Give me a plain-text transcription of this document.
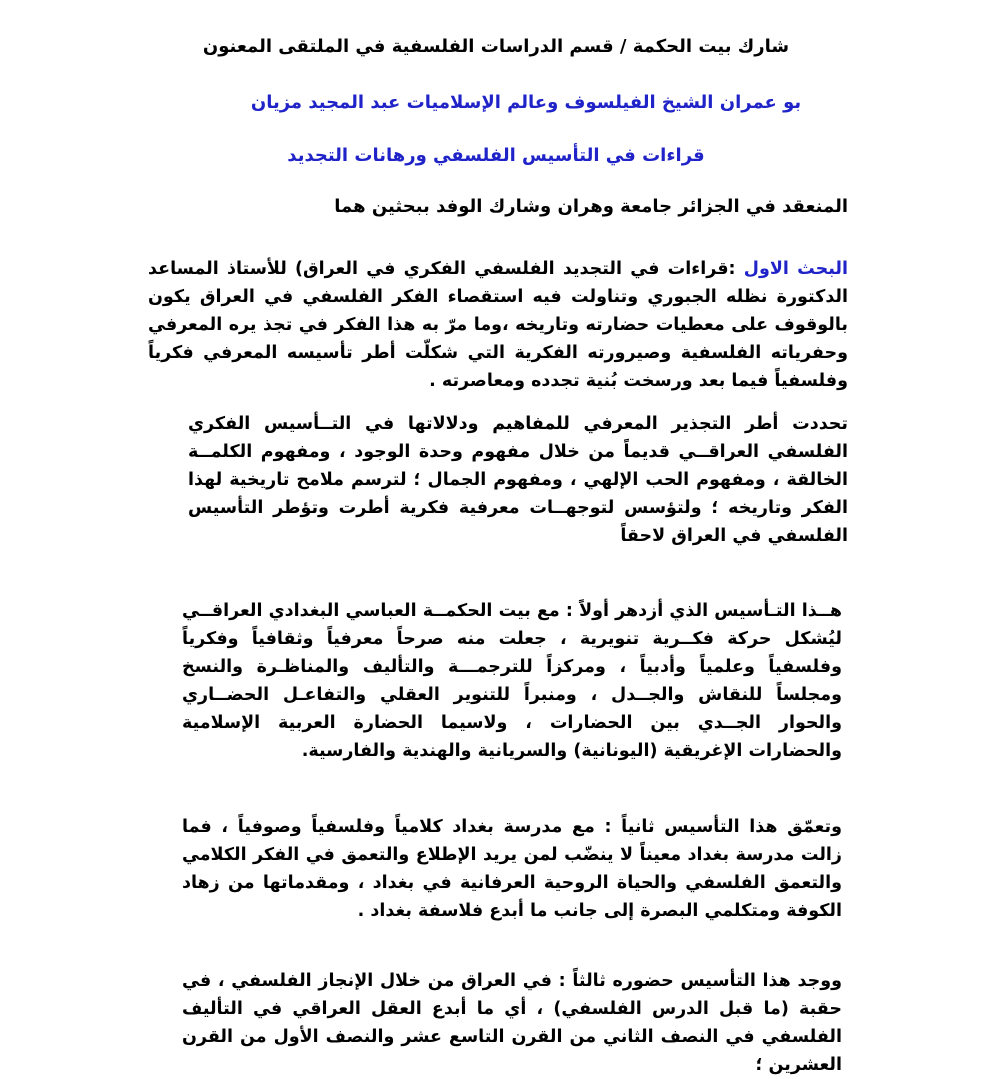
شارك بيت الحكمة / قسم الدراسات الفلسفية في الملتقى المعنون
بو عمران الشيخ الفيلسوف وعالم الإسلاميات عبد المجيد مزيان
قراءات في التأسيس الفلسفي ورهانات التجديد
المنعقد في الجزائر جامعة وهران وشارك الوفد ببحثين هما
البحث الاول :قراءات في التجديد الفلسفي الفكري في العراق) للأستاذ المساعد الدكتورة نظله الجبوري وتناولت فيه استقصاء الفكر الفلسفي في العراق يكون بالوقوف على معطيات حضارته وتاريخه ،وما مرّ به هذا الفكر في تجذ يره المعرفي وحفرياته الفلسفية وصيرورته الفكرية التي شكلّت أطر تأسيسه المعرفي فكرياً وفلسفياً فيما بعد ورسخت بُنية تجدده ومعاصرته .
تحددت أطر التجذير المعرفي للمفاهيم ودلالاتها في التــأسيس الفكري الفلسفي العراقــي قديماً من خلال مفهوم وحدة الوجود ، ومفهوم الكلمــة الخالقة ، ومفهوم الحب الإلهي ، ومفهوم الجمال ؛ لترسم ملامح تاريخية لهذا الفكر وتاريخه ؛ ولتؤسس لتوجهــات معرفية فكرية أطرت وتؤطر التأسيس الفلسفي في العراق لاحقاً
هــذا التـأسيس الذي أزدهر أولاً : مع بيت الحكمــة العباسي البغدادي العراقــي ليُشكل حركة فكــرية تنويرية ، جعلت منه صرحاً معرفياً وثقافياً وفكرياً وفلسفياً وعلمياً وأدبياً ، ومركزاً للترجمـــة والتأليف والمناظـرة والنسخ ومجلساً للنقاش والجــدل ، ومنبراً للتنوير العقلي والتفاعـل الحضــاري والحوار الجــدي بين الحضارات ، ولاسيما الحضارة العربية الإسلامية والحضارات الإغريقية (اليونانية) والسريانية والهندية والفارسية.
وتعمّق هذا التأسيس ثانياً : مع مدرسة بغداد كلامياً وفلسفياً وصوفياً ، فما زالت مدرسة بغداد معيناً لا ينضّب لمن يريد الإطلاع والتعمق في الفكر الكلامي والتعمق الفلسفي والحياة الروحية العرفانية في بغداد ، ومقدماتها من زهاد الكوفة ومتكلمي البصرة إلى جانب ما أبدع فلاسفة بغداد .
ووجد هذا التأسيس حضوره ثالثاً : في العراق من خلال الإنجاز الفلسفي ، في حقبة (ما قبل الدرس الفلسفي) ، أي ما أبدع العقل العراقي في التأليف الفلسفي في النصف الثاني من القرن التاسع عشر والنصف الأول من القرن العشرين ؛
